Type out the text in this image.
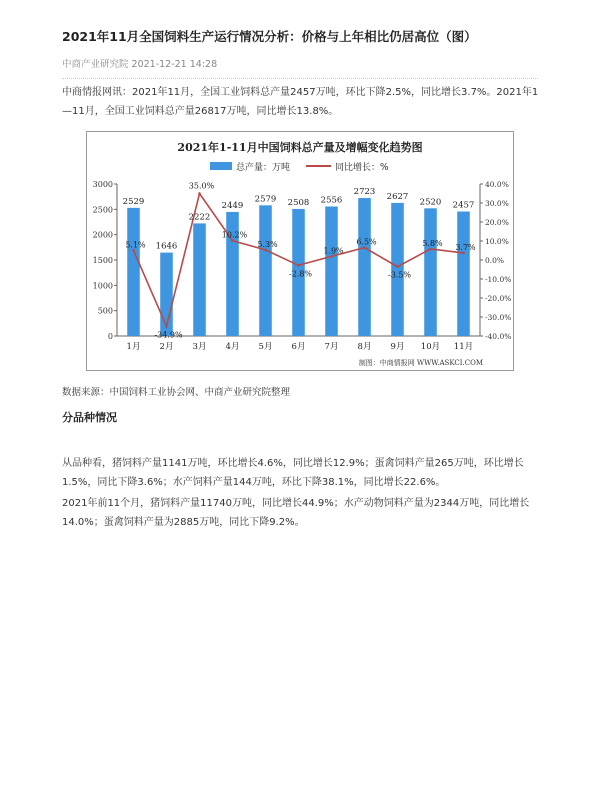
2021年11月全国饲料生产运行情况分析：价格与上年相比仍居高位（图）
中商产业研究院 2021-12-21 14:28

中商情报网讯：2021年11月，全国工业饲料总产量2457万吨，环比下降2.5%，同比增长3.7%。2021年1—11月，全国工业饲料总产量26817万吨，同比增长13.8%。

2021年1-11月中国饲料总产量及增幅变化趋势图
总产量：万吨	同比增长：%
0
500
1000
1500
2000
2500
3000
-40.0%
-30.0%
-20.0%
-10.0%
0.0%
10.0%
20.0%
30.0%
40.0%
1月 2月 3月 4月 5月 6月 7月 8月 9月 10月 11月
2529
1646
2222
2449
2579 2508 2556
2723 2627
2520 2457
5.1%
-34.9%
35.0%
10.2%
5.3%
-2.8%
1.9%
6.5%
-3.5%
5.8% 3.7%
制图：中商情报网 WWW.ASKCI.COM
数据来源：中国饲料工业协会网、中商产业研究院整理
分品种情况

从品种看，猪饲料产量1141万吨，环比增长4.6%，同比增长12.9%；蛋禽饲料产量265万吨，环比增长1.5%，同比下降3.6%；水产饲料产量144万吨，环比下降38.1%，同比增长22.6%。

2021年前11个月，猪饲料产量11740万吨，同比增长44.9%；水产动物饲料产量为2344万吨，同比增长14.0%；蛋禽饲料产量为2885万吨，同比下降9.2%。
